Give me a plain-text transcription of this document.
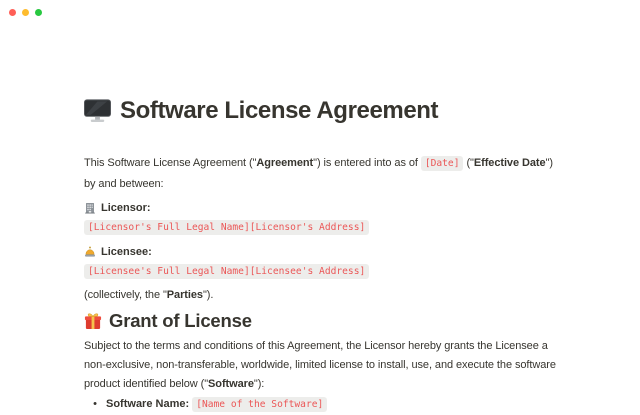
Software License Agreement

This Software License Agreement ("Agreement") is entered into as of [Date] ("Effective Date") by and between:

Licensor:
[Licensor's Full Legal Name][Licensor's Address]
Licensee:
[Licensee's Full Legal Name][Licensee's Address]

(collectively, the "Parties").

Grant of License

Subject to the terms and conditions of this Agreement, the Licensor hereby grants the Licensee a non-exclusive, non-transferable, worldwide, limited license to install, use, and execute the software product identified below ("Software"):

•
Software Name: [Name of the Software]
